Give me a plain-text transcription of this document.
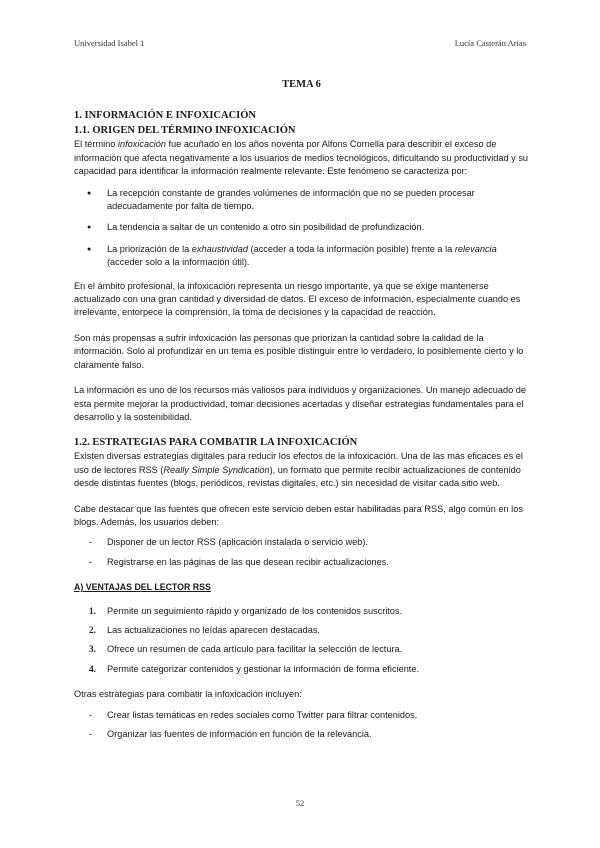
Universidad Isabel 1	Lucía Casterán Arias
TEMA 6
1. INFORMACIÓN E INFOXICACIÓN
1.1. ORIGEN DEL TÉRMINO INFOXICACIÓN

El término infoxicación fue acuñado en los años noventa por Alfons Cornella para describir el exceso de información que afecta negativamente a los usuarios de medios tecnológicos, dificultando su productividad y su capacidad para identificar la información realmente relevante. Este fenómeno se caracteriza por:

● La recepción constante de grandes volúmenes de información que no se pueden procesar adecuadamente por falta de tiempo.
● La tendencia a saltar de un contenido a otro sin posibilidad de profundización.
● La priorización de la exhaustividad (acceder a toda la información posible) frente a la relevancia (acceder solo a la información útil).

En el ámbito profesional, la infoxicación representa un riesgo importante, ya que se exige mantenerse actualizado con una gran cantidad y diversidad de datos. El exceso de información, especialmente cuando es irrelevante, entorpece la comprensión, la toma de decisiones y la capacidad de reacción.

Son más propensas a sufrir infoxicación las personas que priorizan la cantidad sobre la calidad de la información. Solo al profundizar en un tema es posible distinguir entre lo verdadero, lo posiblemente cierto y lo claramente falso.

La información es uno de los recursos más valiosos para individuos y organizaciones. Un manejo adecuado de esta permite mejorar la productividad, tomar decisiones acertadas y diseñar estrategias fundamentales para el desarrollo y la sostenibilidad.

1.2. ESTRATEGIAS PARA COMBATIR LA INFOXICACIÓN

Existen diversas estrategias digitales para reducir los efectos de la infoxicación. Una de las más eficaces es el uso de lectores RSS (Really Simple Syndication), un formato que permite recibir actualizaciones de contenido desde distintas fuentes (blogs, periódicos, revistas digitales, etc.) sin necesidad de visitar cada sitio web.

Cabe destacar que las fuentes que ofrecen este servicio deben estar habilitadas para RSS, algo común en los blogs. Además, los usuarios deben:

- Disponer de un lector RSS (aplicación instalada o servicio web).
- Registrarse en las páginas de las que desean recibir actualizaciones.
A) VENTAJAS DEL LECTOR RSS
1. Permite un seguimiento rápido y organizado de los contenidos suscritos.
2. Las actualizaciones no leídas aparecen destacadas.
3. Ofrece un resumen de cada artículo para facilitar la selección de lectura.
4. Permite categorizar contenidos y gestionar la información de forma eficiente.

Otras estrategias para combatir la infoxicación incluyen:

- Crear listas temáticas en redes sociales como Twitter para filtrar contenidos.
- Organizar las fuentes de información en función de la relevancia.
52
